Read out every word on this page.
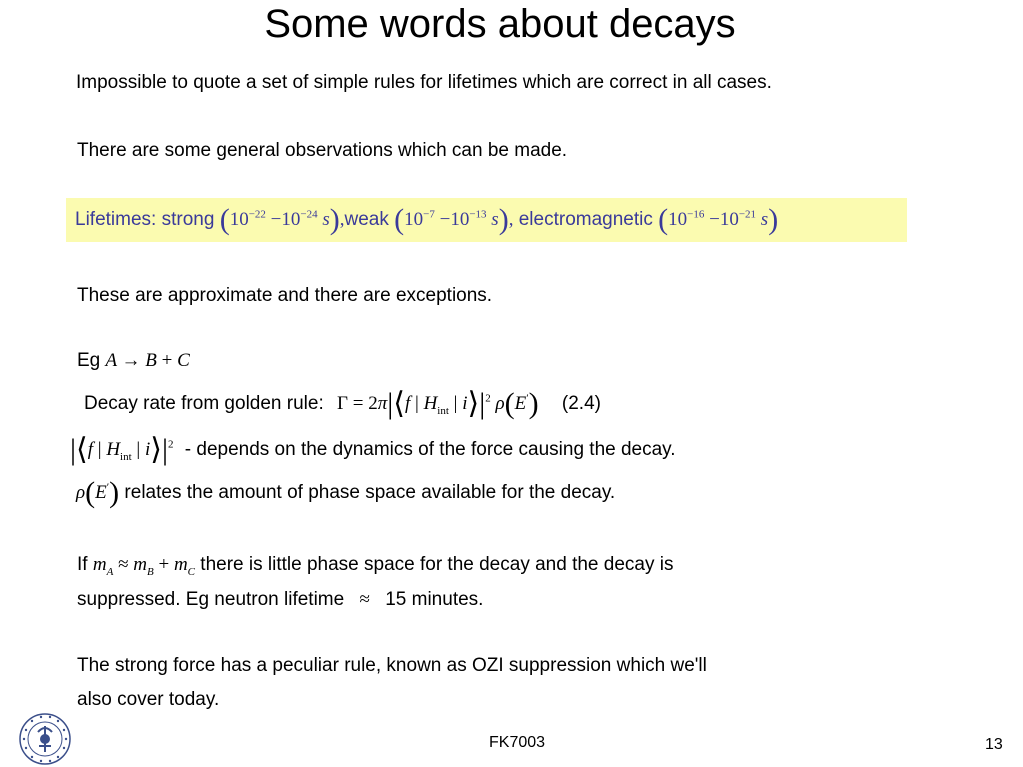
Some words about decays
Impossible to quote a set of simple rules for lifetimes which are correct in all cases.
There are some general observations which can be made.
Lifetimes: strong ($10^{-22} -10^{-24}$ s),weak ($10^{-7} -10^{-13}$ s), electromagnetic ($10^{-16} -10^{-21}$ s)
These are approximate and there are exceptions.
Eg A → B + C
Decay rate from golden rule: Γ = 2π|⟨f | $H_{int}$ | $i⟩|^2$ ρ(E′) (2.4)
|⟨f | $H_{int}$ | $i⟩|^2$ - depends on the dynamics of the force causing the decay.
ρ(E′) relates the amount of phase space available for the decay.
If $m_A \approx m_B + m_C$ there is little phase space for the decay and the decay is
suppressed. Eg neutron lifetime ≈ 15 minutes.
The strong force has a peculiar rule, known as OZI suppression which we'll
also cover today.
FK7003	13
